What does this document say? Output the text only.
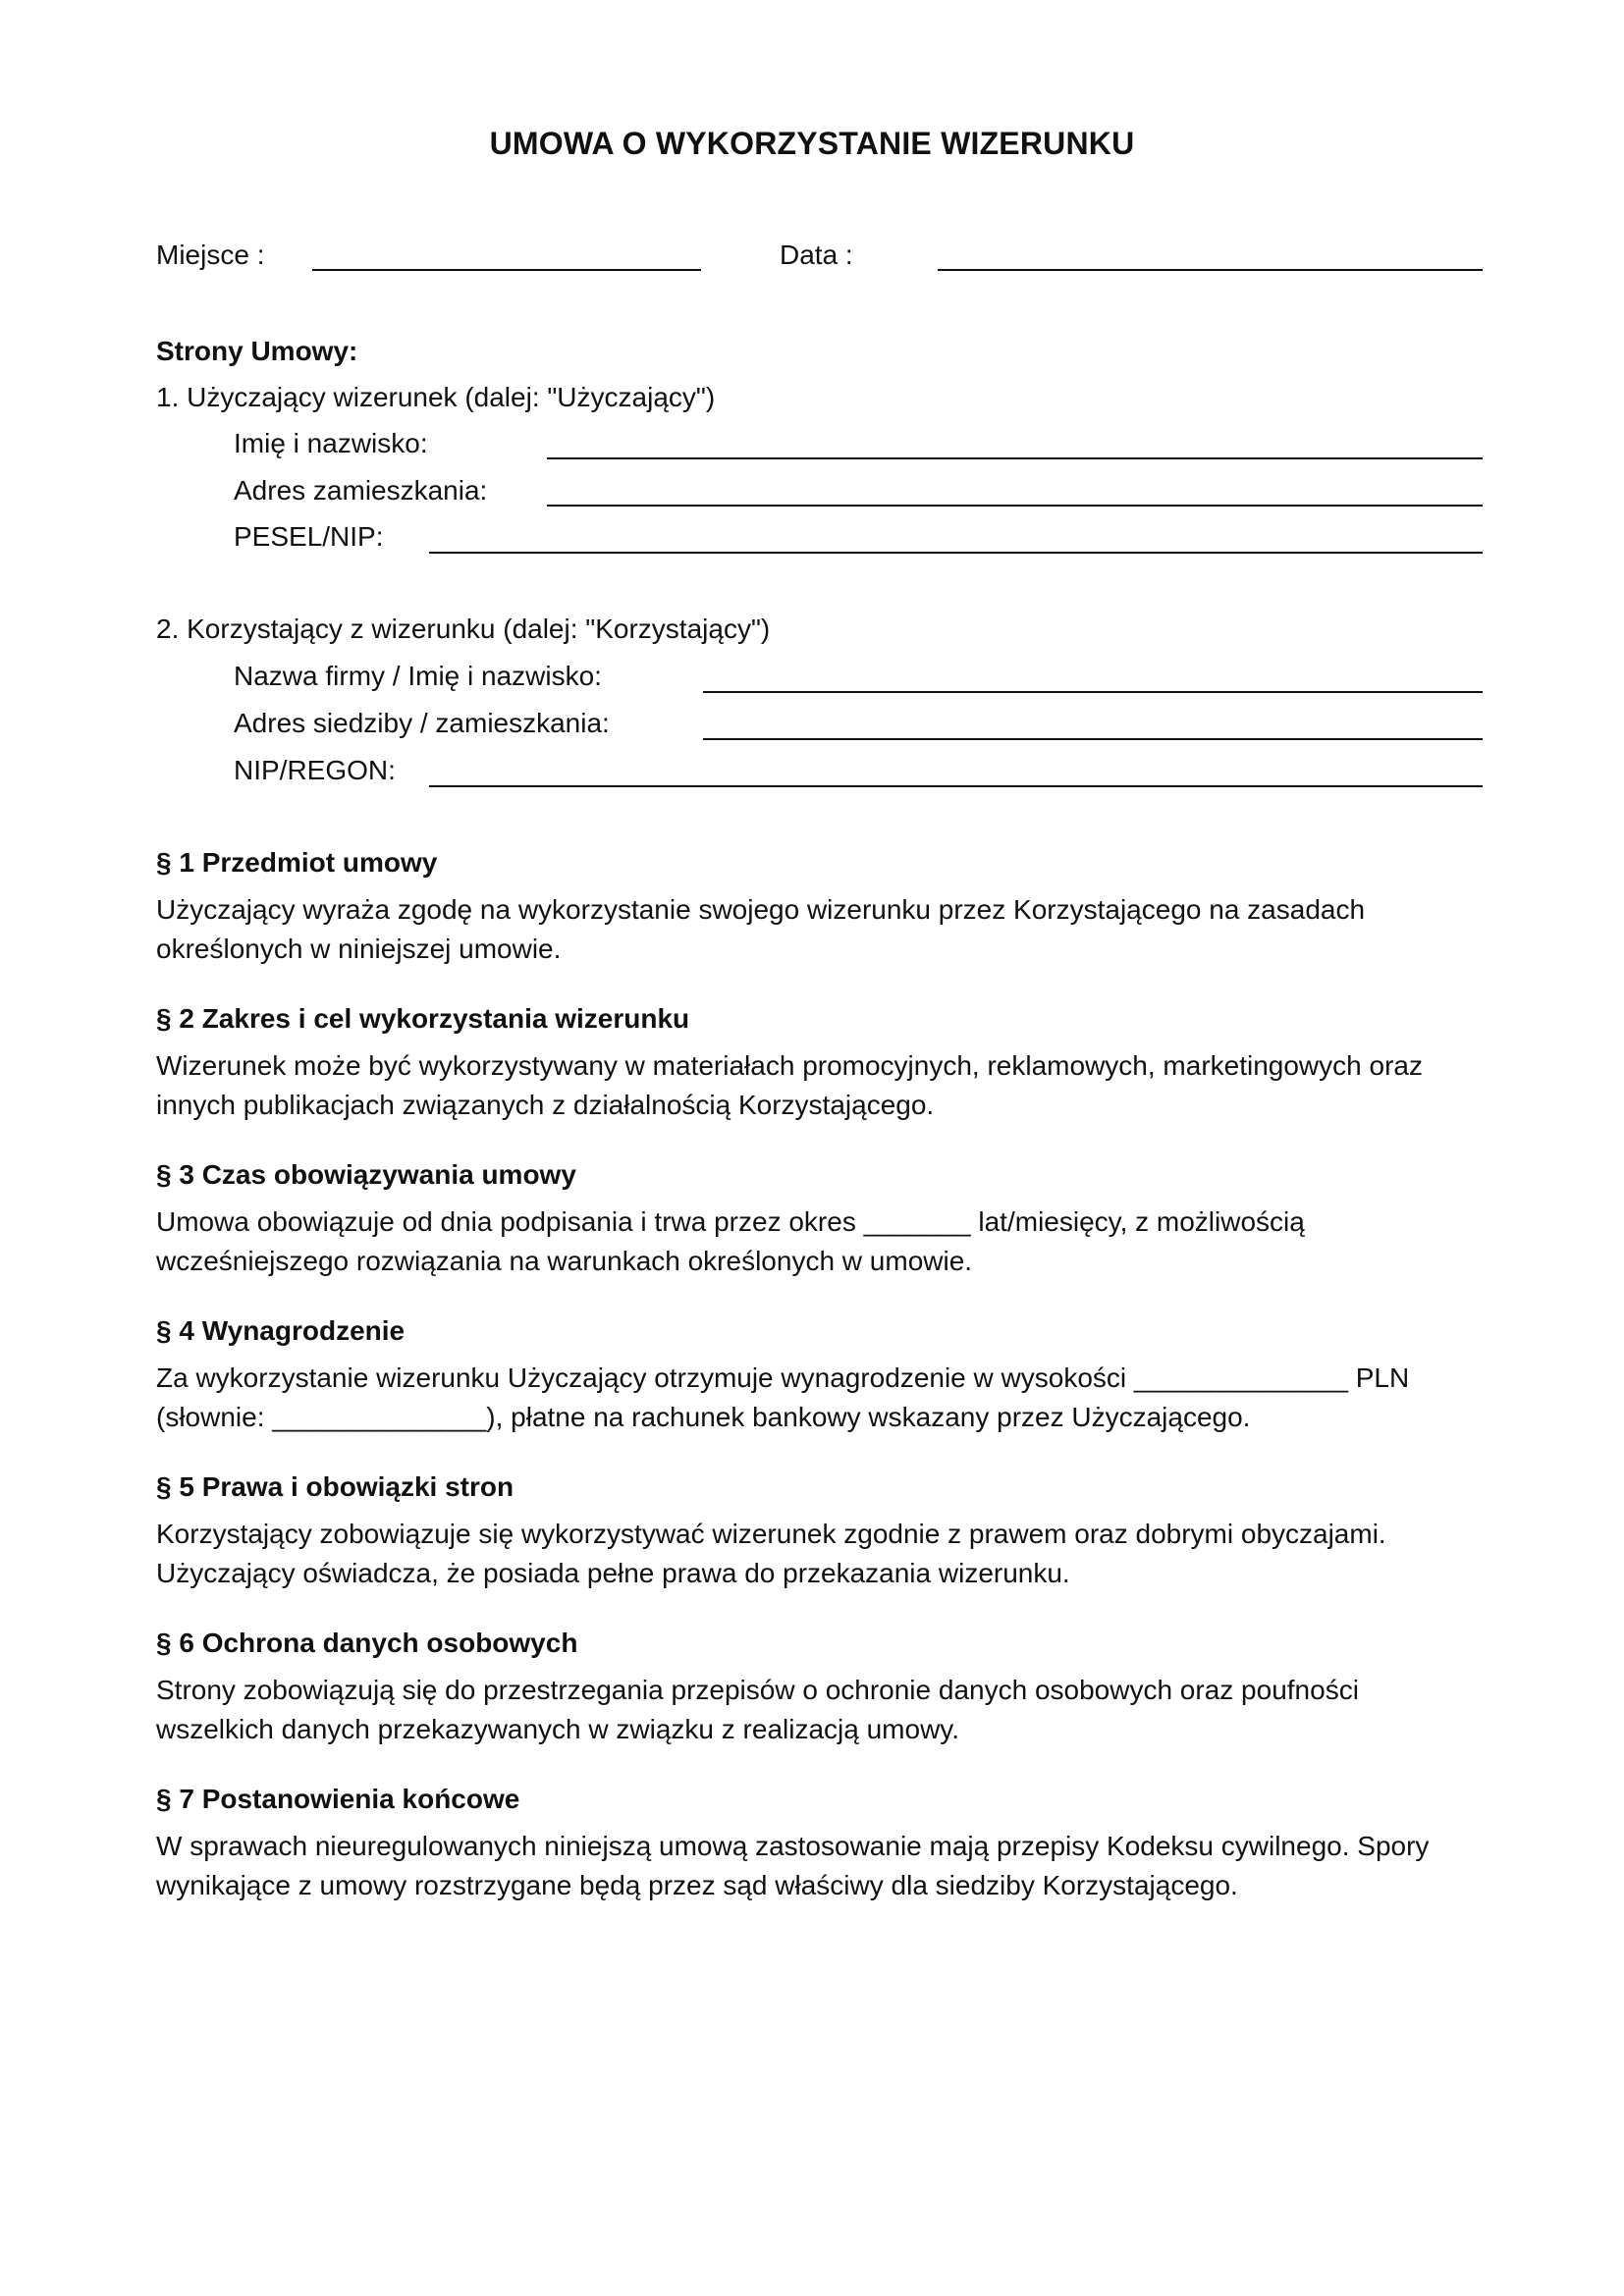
UMOWA O WYKORZYSTANIE WIZERUNKU
Miejsce :	Data :
Strony Umowy:
1. Użyczający wizerunek (dalej: "Użyczający")
Imię i nazwisko:
Adres zamieszkania:
PESEL/NIP:
2. Korzystający z wizerunku (dalej: "Korzystający")
Nazwa firmy / Imię i nazwisko:
Adres siedziby / zamieszkania:
NIP/REGON:
§ 1 Przedmiot umowy
Użyczający wyraża zgodę na wykorzystanie swojego wizerunku przez Korzystającego na zasadach
określonych w niniejszej umowie.
§ 2 Zakres i cel wykorzystania wizerunku
Wizerunek może być wykorzystywany w materiałach promocyjnych, reklamowych, marketingowych oraz
innych publikacjach związanych z działalnością Korzystającego.
§ 3 Czas obowiązywania umowy
Umowa obowiązuje od dnia podpisania i trwa przez okres _______ lat/miesięcy, z możliwością
wcześniejszego rozwiązania na warunkach określonych w umowie.
§ 4 Wynagrodzenie
Za wykorzystanie wizerunku Użyczający otrzymuje wynagrodzenie w wysokości ______________ PLN
(słownie: ______________), płatne na rachunek bankowy wskazany przez Użyczającego.
§ 5 Prawa i obowiązki stron
Korzystający zobowiązuje się wykorzystywać wizerunek zgodnie z prawem oraz dobrymi obyczajami.
Użyczający oświadcza, że posiada pełne prawa do przekazania wizerunku.
§ 6 Ochrona danych osobowych
Strony zobowiązują się do przestrzegania przepisów o ochronie danych osobowych oraz poufności
wszelkich danych przekazywanych w związku z realizacją umowy.
§ 7 Postanowienia końcowe
W sprawach nieuregulowanych niniejszą umową zastosowanie mają przepisy Kodeksu cywilnego. Spory
wynikające z umowy rozstrzygane będą przez sąd właściwy dla siedziby Korzystającego.
